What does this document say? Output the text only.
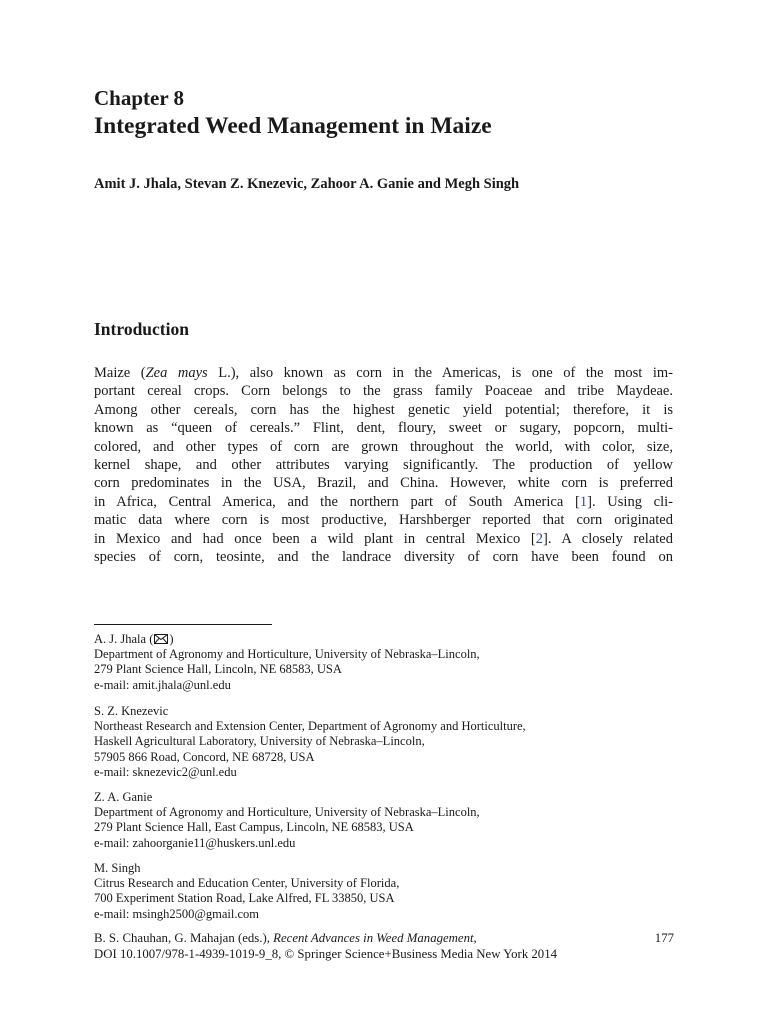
Chapter 8
Integrated Weed Management in Maize
Amit J. Jhala, Stevan Z. Knezevic, Zahoor A. Ganie and Megh Singh
Introduction
Maize (Zea mays L.), also known as corn in the Americas, is one of the most im-
portant cereal crops. Corn belongs to the grass family Poaceae and tribe Maydeae.
Among other cereals, corn has the highest genetic yield potential; therefore, it is
known as “queen of cereals.” Flint, dent, floury, sweet or sugary, popcorn, multi-
colored, and other types of corn are grown throughout the world, with color, size,
kernel shape, and other attributes varying significantly. The production of yellow
corn predominates in the USA, Brazil, and China. However, white corn is preferred
in Africa, Central America, and the northern part of South America [1]. Using cli-
matic data where corn is most productive, Harshberger reported that corn originated
in Mexico and had once been a wild plant in central Mexico [2]. A closely related
species of corn, teosinte, and the landrace diversity of corn have been found on
A. J. Jhala ( )
Department of Agronomy and Horticulture, University of Nebraska–Lincoln,
279 Plant Science Hall, Lincoln, NE 68583, USA
e-mail: amit.jhala@unl.edu
S. Z. Knezevic
Northeast Research and Extension Center, Department of Agronomy and Horticulture,
Haskell Agricultural Laboratory, University of Nebraska–Lincoln,
57905 866 Road, Concord, NE 68728, USA
e-mail: sknezevic2@unl.edu
Z. A. Ganie
Department of Agronomy and Horticulture, University of Nebraska–Lincoln,
279 Plant Science Hall, East Campus, Lincoln, NE 68583, USA
e-mail: zahoorganie11@huskers.unl.edu
M. Singh
Citrus Research and Education Center, University of Florida,
700 Experiment Station Road, Lake Alfred, FL 33850, USA
e-mail: msingh2500@gmail.com
B. S. Chauhan, G. Mahajan (eds.), Recent Advances in Weed Management,	177
DOI 10.1007/978-1-4939-1019-9_8, © Springer Science+Business Media New York 2014
